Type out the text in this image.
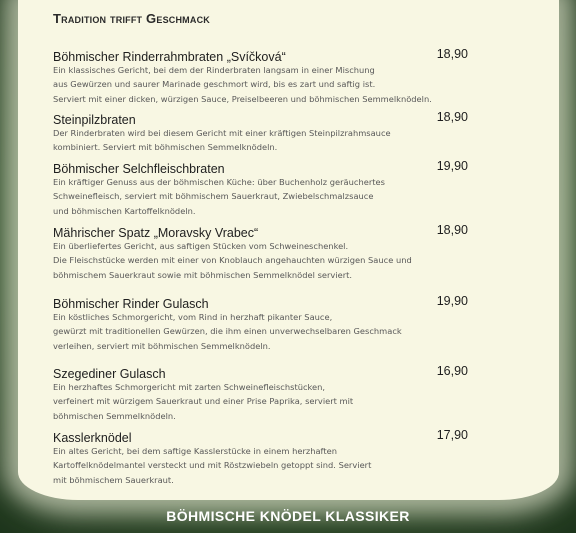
Tradition trifft Geschmack
Böhmischer Rinderrahmbraten „Svíčková“	18,90

Ein klassisches Gericht, bei dem der Rinderbraten langsam in einer Mischung
aus Gewürzen und saurer Marinade geschmort wird, bis es zart und saftig ist.
Serviert mit einer dicken, würzigen Sauce, Preiselbeeren und böhmischen Semmelknödeln.

Steinpilzbraten	18,90

Der Rinderbraten wird bei diesem Gericht mit einer kräftigen Steinpilzrahmsauce
kombiniert. Serviert mit böhmischen Semmelknödeln.

Böhmischer Selchfleischbraten	19,90

Ein kräftiger Genuss aus der böhmischen Küche: über Buchenholz geräuchertes
Schweinefleisch, serviert mit böhmischem Sauerkraut, Zwiebelschmalzsauce
und böhmischen Kartoffelknödeln.

Mährischer Spatz „Moravsky Vrabec“	18,90

Ein überliefertes Gericht, aus saftigen Stücken vom Schweineschenkel.
Die Fleischstücke werden mit einer von Knoblauch angehauchten würzigen Sauce und
böhmischem Sauerkraut sowie mit böhmischen Semmelknödel serviert.

Böhmischer Rinder Gulasch	19,90

Ein köstliches Schmorgericht, vom Rind in herzhaft pikanter Sauce,
gewürzt mit traditionellen Gewürzen, die ihm einen unverwechselbaren Geschmack
verleihen, serviert mit böhmischen Semmelknödeln.

Szegediner Gulasch	16,90

Ein herzhaftes Schmorgericht mit zarten Schweinefleischstücken,
verfeinert mit würzigem Sauerkraut und einer Prise Paprika, serviert mit
böhmischen Semmelknödeln.

Kasslerknödel	17,90

Ein altes Gericht, bei dem saftige Kasslerstücke in einem herzhaften
Kartoffelknödelmantel versteckt und mit Röstzwiebeln getoppt sind. Serviert
mit böhmischem Sauerkraut.

BÖHMISCHE KNÖDEL KLASSIKER
